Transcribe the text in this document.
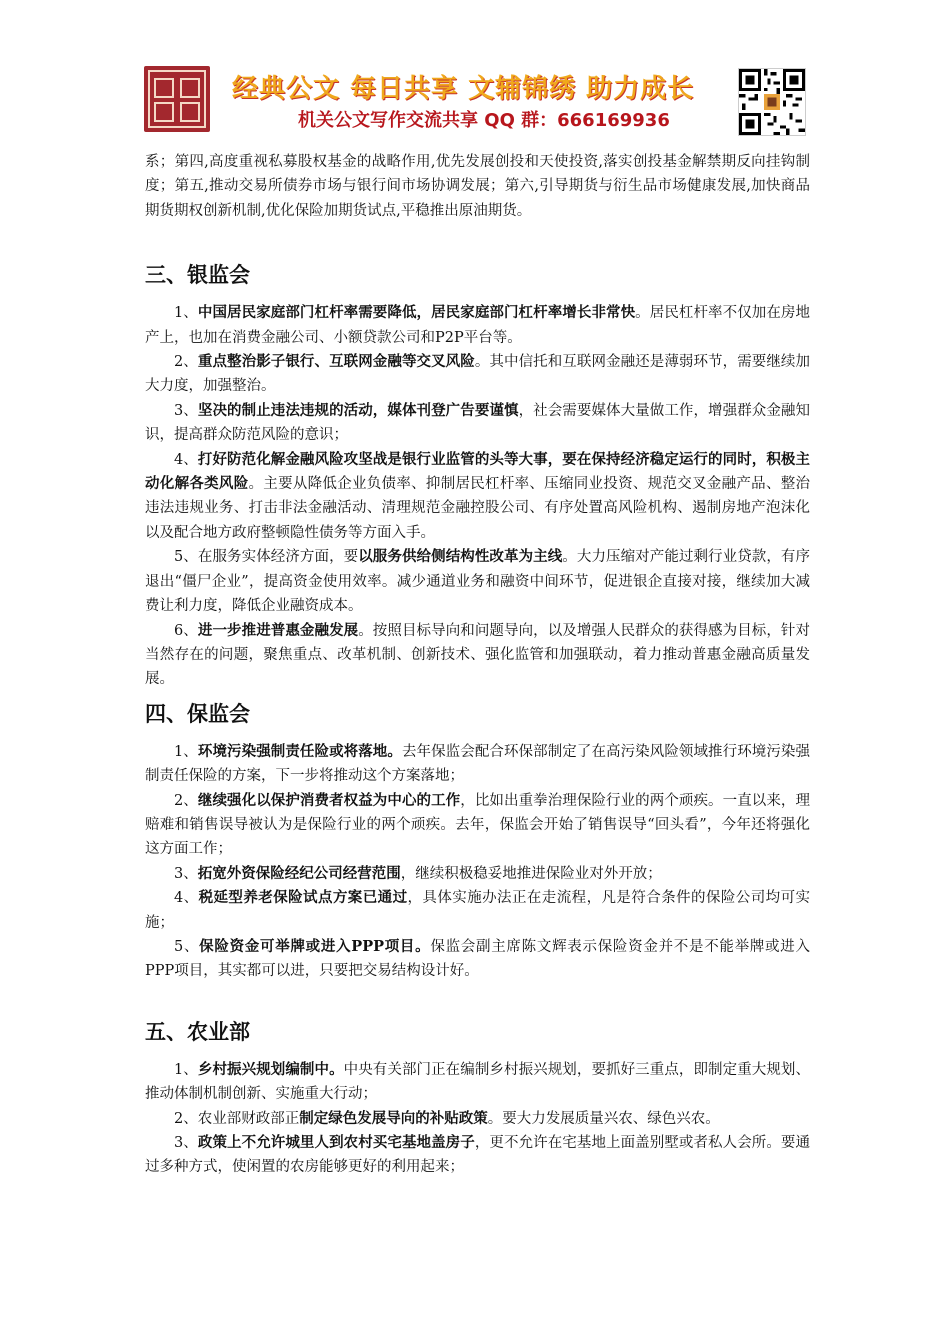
经典公文 每日共享 文辅锦绣 助力成长
机关公文写作交流共享 QQ 群：666169936

系；第四,高度重视私募股权基金的战略作用,优先发展创投和天使投资,落实创投基金解禁期反向挂钩制度；第五,推动交易所债券市场与银行间市场协调发展；第六,引导期货与衍生品市场健康发展,加快商品期货期权创新机制,优化保险加期货试点,平稳推出原油期货。

三、银监会

1、中国居民家庭部门杠杆率需要降低，居民家庭部门杠杆率增长非常快。居民杠杆率不仅加在房地产上，也加在消费金融公司、小额贷款公司和P2P平台等。

2、重点整治影子银行、互联网金融等交叉风险。其中信托和互联网金融还是薄弱环节，需要继续加大力度，加强整治。

3、坚决的制止违法违规的活动，媒体刊登广告要谨慎，社会需要媒体大量做工作，增强群众金融知识，提高群众防范风险的意识；

4、打好防范化解金融风险攻坚战是银行业监管的头等大事，要在保持经济稳定运行的同时，积极主动化解各类风险。主要从降低企业负债率、抑制居民杠杆率、压缩同业投资、规范交叉金融产品、整治违法违规业务、打击非法金融活动、清理规范金融控股公司、有序处置高风险机构、遏制房地产泡沫化以及配合地方政府整顿隐性债务等方面入手。

5、在服务实体经济方面，要以服务供给侧结构性改革为主线。大力压缩对产能过剩行业贷款，有序退出“僵尸企业”，提高资金使用效率。减少通道业务和融资中间环节，促进银企直接对接，继续加大减费让利力度，降低企业融资成本。

6、进一步推进普惠金融发展。按照目标导向和问题导向，以及增强人民群众的获得感为目标，针对当然存在的问题，聚焦重点、改革机制、创新技术、强化监管和加强联动，着力推动普惠金融高质量发展。

四、保监会

1、环境污染强制责任险或将落地。去年保监会配合环保部制定了在高污染风险领域推行环境污染强制责任保险的方案，下一步将推动这个方案落地；

2、继续强化以保护消费者权益为中心的工作，比如出重拳治理保险行业的两个顽疾。一直以来，理赔难和销售误导被认为是保险行业的两个顽疾。去年，保监会开始了销售误导“回头看”，今年还将强化这方面工作；

3、拓宽外资保险经纪公司经营范围，继续积极稳妥地推进保险业对外开放；

4、税延型养老保险试点方案已通过，具体实施办法正在走流程，凡是符合条件的保险公司均可实施；

5、保险资金可举牌或进入PPP项目。保监会副主席陈文辉表示保险资金并不是不能举牌或进入PPP项目，其实都可以进，只要把交易结构设计好。

五、农业部

1、乡村振兴规划编制中。中央有关部门正在编制乡村振兴规划，要抓好三重点，即制定重大规划、推动体制机制创新、实施重大行动；

2、农业部财政部正制定绿色发展导向的补贴政策。要大力发展质量兴农、绿色兴农。

3、政策上不允许城里人到农村买宅基地盖房子，更不允许在宅基地上面盖别墅或者私人会所。要通过多种方式，使闲置的农房能够更好的利用起来；
